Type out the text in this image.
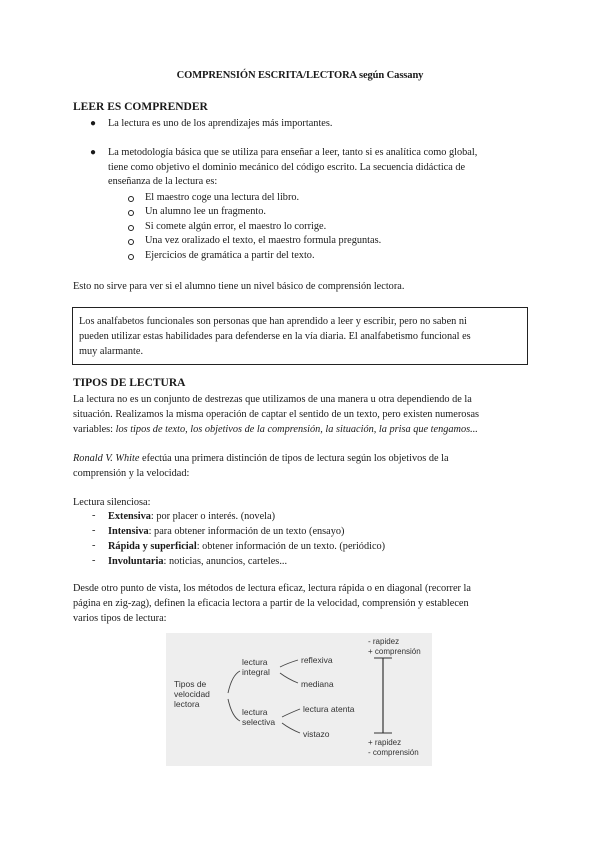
COMPRENSIÓN ESCRITA/LECTORA según Cassany
LEER ES COMPRENDER
● La lectura es uno de los aprendizajes más importantes.
● La metodología básica que se utiliza para enseñar a leer, tanto si es analítica como global,
tiene como objetivo el dominio mecánico del código escrito. La secuencia didáctica de
enseñanza de la lectura es:
El maestro coge una lectura del libro.
Un alumno lee un fragmento.
Si comete algún error, el maestro lo corrige.
Una vez oralizado el texto, el maestro formula preguntas.
Ejercicios de gramática a partir del texto.
Esto no sirve para ver si el alumno tiene un nivel básico de comprensión lectora.
Los analfabetos funcionales son personas que han aprendido a leer y escribir, pero no saben ni
pueden utilizar estas habilidades para defenderse en la vía diaria. El analfabetismo funcional es
muy alarmante.
TIPOS DE LECTURA
La lectura no es un conjunto de destrezas que utilizamos de una manera u otra dependiendo de la
situación. Realizamos la misma operación de captar el sentido de un texto, pero existen numerosas
variables: los tipos de texto, los objetivos de la comprensión, la situación, la prisa que tengamos...
Ronald V. White efectúa una primera distinción de tipos de lectura según los objetivos de la
comprensión y la velocidad:
Lectura silenciosa:
- Extensiva: por placer o interés. (novela)
- Intensiva: para obtener información de un texto (ensayo)
- Rápida y superficial: obtener información de un texto. (periódico)
- Involuntaria: noticias, anuncios, carteles...
Desde otro punto de vista, los métodos de lectura eficaz, lectura rápida o en diagonal (recorrer la
página en zig-zag), definen la eficacia lectora a partir de la velocidad, comprensión y establecen
varios tipos de lectura:
Tipos de
velocidad
lectora
lectura
integral
lectura
selectiva
reflexiva
mediana
lectura atenta
vistazo
- rapidez
+ comprensión
+ rapidez
- comprensión
